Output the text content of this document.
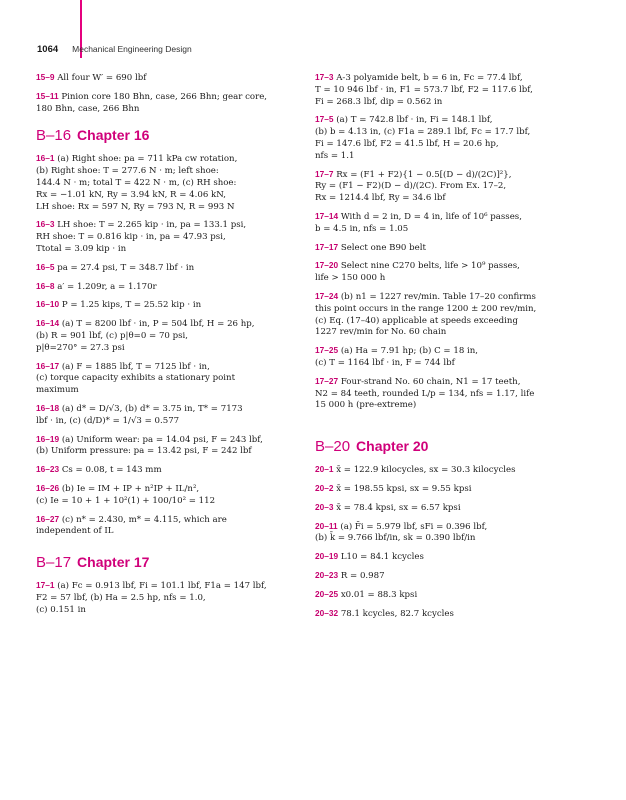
1064 Mechanical Engineering Design
15–9 All four W′ = 690 lbf
15–11 Pinion core 180 Bhn, case, 266 Bhn; gear core,
180 Bhn, case, 266 Bhn
B–16 Chapter 16
16–1 (a) Right shoe: pa = 711 kPa cw rotation,
(b) Right shoe: T = 277.6 N · m; left shoe:
144.4 N · m; total T = 422 N · m, (c) RH shoe:
Rx = −1.01 kN, Ry = 3.94 kN, R = 4.06 kN,
LH shoe: Rx = 597 N, Ry = 793 N, R = 993 N
16–3 LH shoe: T = 2.265 kip · in, pa = 133.1 psi,
RH shoe: T = 0.816 kip · in, pa = 47.93 psi,
Ttotal = 3.09 kip · in
16–5 pa = 27.4 psi, T = 348.7 lbf · in
16–8 a′ = 1.209r, a = 1.170r
16–10 P = 1.25 kips, T = 25.52 kip · in
16–14 (a) T = 8200 lbf · in, P = 504 lbf, H = 26 hp,
(b) R = 901 lbf, (c) p|θ=0 = 70 psi,
p|θ=270° = 27.3 psi
16–17 (a) F = 1885 lbf, T = 7125 lbf · in,
(c) torque capacity exhibits a stationary point
maximum
16–18 (a) d* = D/√3, (b) d* = 3.75 in, T* = 7173
lbf · in, (c) (d/D)* = 1/√3 = 0.577
16–19 (a) Uniform wear: pa = 14.04 psi, F = 243 lbf,
(b) Uniform pressure: pa = 13.42 psi, F = 242 lbf
16–23 Cs = 0.08, t = 143 mm
16–26 (b) Ie = IM + IP + n²IP + IL/n²,
(c) Ie = 10 + 1 + 10²(1) + 100/10² = 112
16–27 (c) n* = 2.430, m* = 4.115, which are
independent of IL
B–17 Chapter 17
17–1 (a) Fc = 0.913 lbf, Fi = 101.1 lbf, F1a = 147 lbf,
F2 = 57 lbf, (b) Ha = 2.5 hp, nfs = 1.0,
(c) 0.151 in
17–3 A-3 polyamide belt, b = 6 in, Fc = 77.4 lbf,
T = 10 946 lbf · in, F1 = 573.7 lbf, F2 = 117.6 lbf,
Fi = 268.3 lbf, dip = 0.562 in
17–5 (a) T = 742.8 lbf · in, Fi = 148.1 lbf,
(b) b = 4.13 in, (c) F1a = 289.1 lbf, Fc = 17.7 lbf,
Fi = 147.6 lbf, F2 = 41.5 lbf, H = 20.6 hp,
nfs = 1.1
17–7 Rx = (F1 + F2){1 − 0.5[(D − d)/(2C)]²},
Ry = (F1 − F2)(D − d)/(2C). From Ex. 17–2,
Rx = 1214.4 lbf, Ry = 34.6 lbf
17–14 With d = 2 in, D = 4 in, life of 10⁶ passes,
b = 4.5 in, nfs = 1.05
17–17 Select one B90 belt
17–20 Select nine C270 belts, life > 10⁹ passes,
life > 150 000 h
17–24 (b) n1 = 1227 rev/min. Table 17–20 confirms
this point occurs in the range 1200 ± 200 rev/min,
(c) Eq. (17–40) applicable at speeds exceeding
1227 rev/min for No. 60 chain
17–25 (a) Ha = 7.91 hp; (b) C = 18 in,
(c) T = 1164 lbf · in, F = 744 lbf
17–27 Four-strand No. 60 chain, N1 = 17 teeth,
N2 = 84 teeth, rounded L/p = 134, nfs = 1.17, life
15 000 h (pre-extreme)
B–20 Chapter 20
20–1 x̄ = 122.9 kilocycles, sx = 30.3 kilocycles
20–2 x̄ = 198.55 kpsi, sx = 9.55 kpsi
20–3 x̄ = 78.4 kpsi, sx = 6.57 kpsi
20–11 (a) F̄i = 5.979 lbf, sFi = 0.396 lbf,
(b) k̄ = 9.766 lbf/in, sk = 0.390 lbf/in
20–19 L10 = 84.1 kcycles
20–23 R = 0.987
20–25 x0.01 = 88.3 kpsi
20–32 78.1 kcycles, 82.7 kcycles
